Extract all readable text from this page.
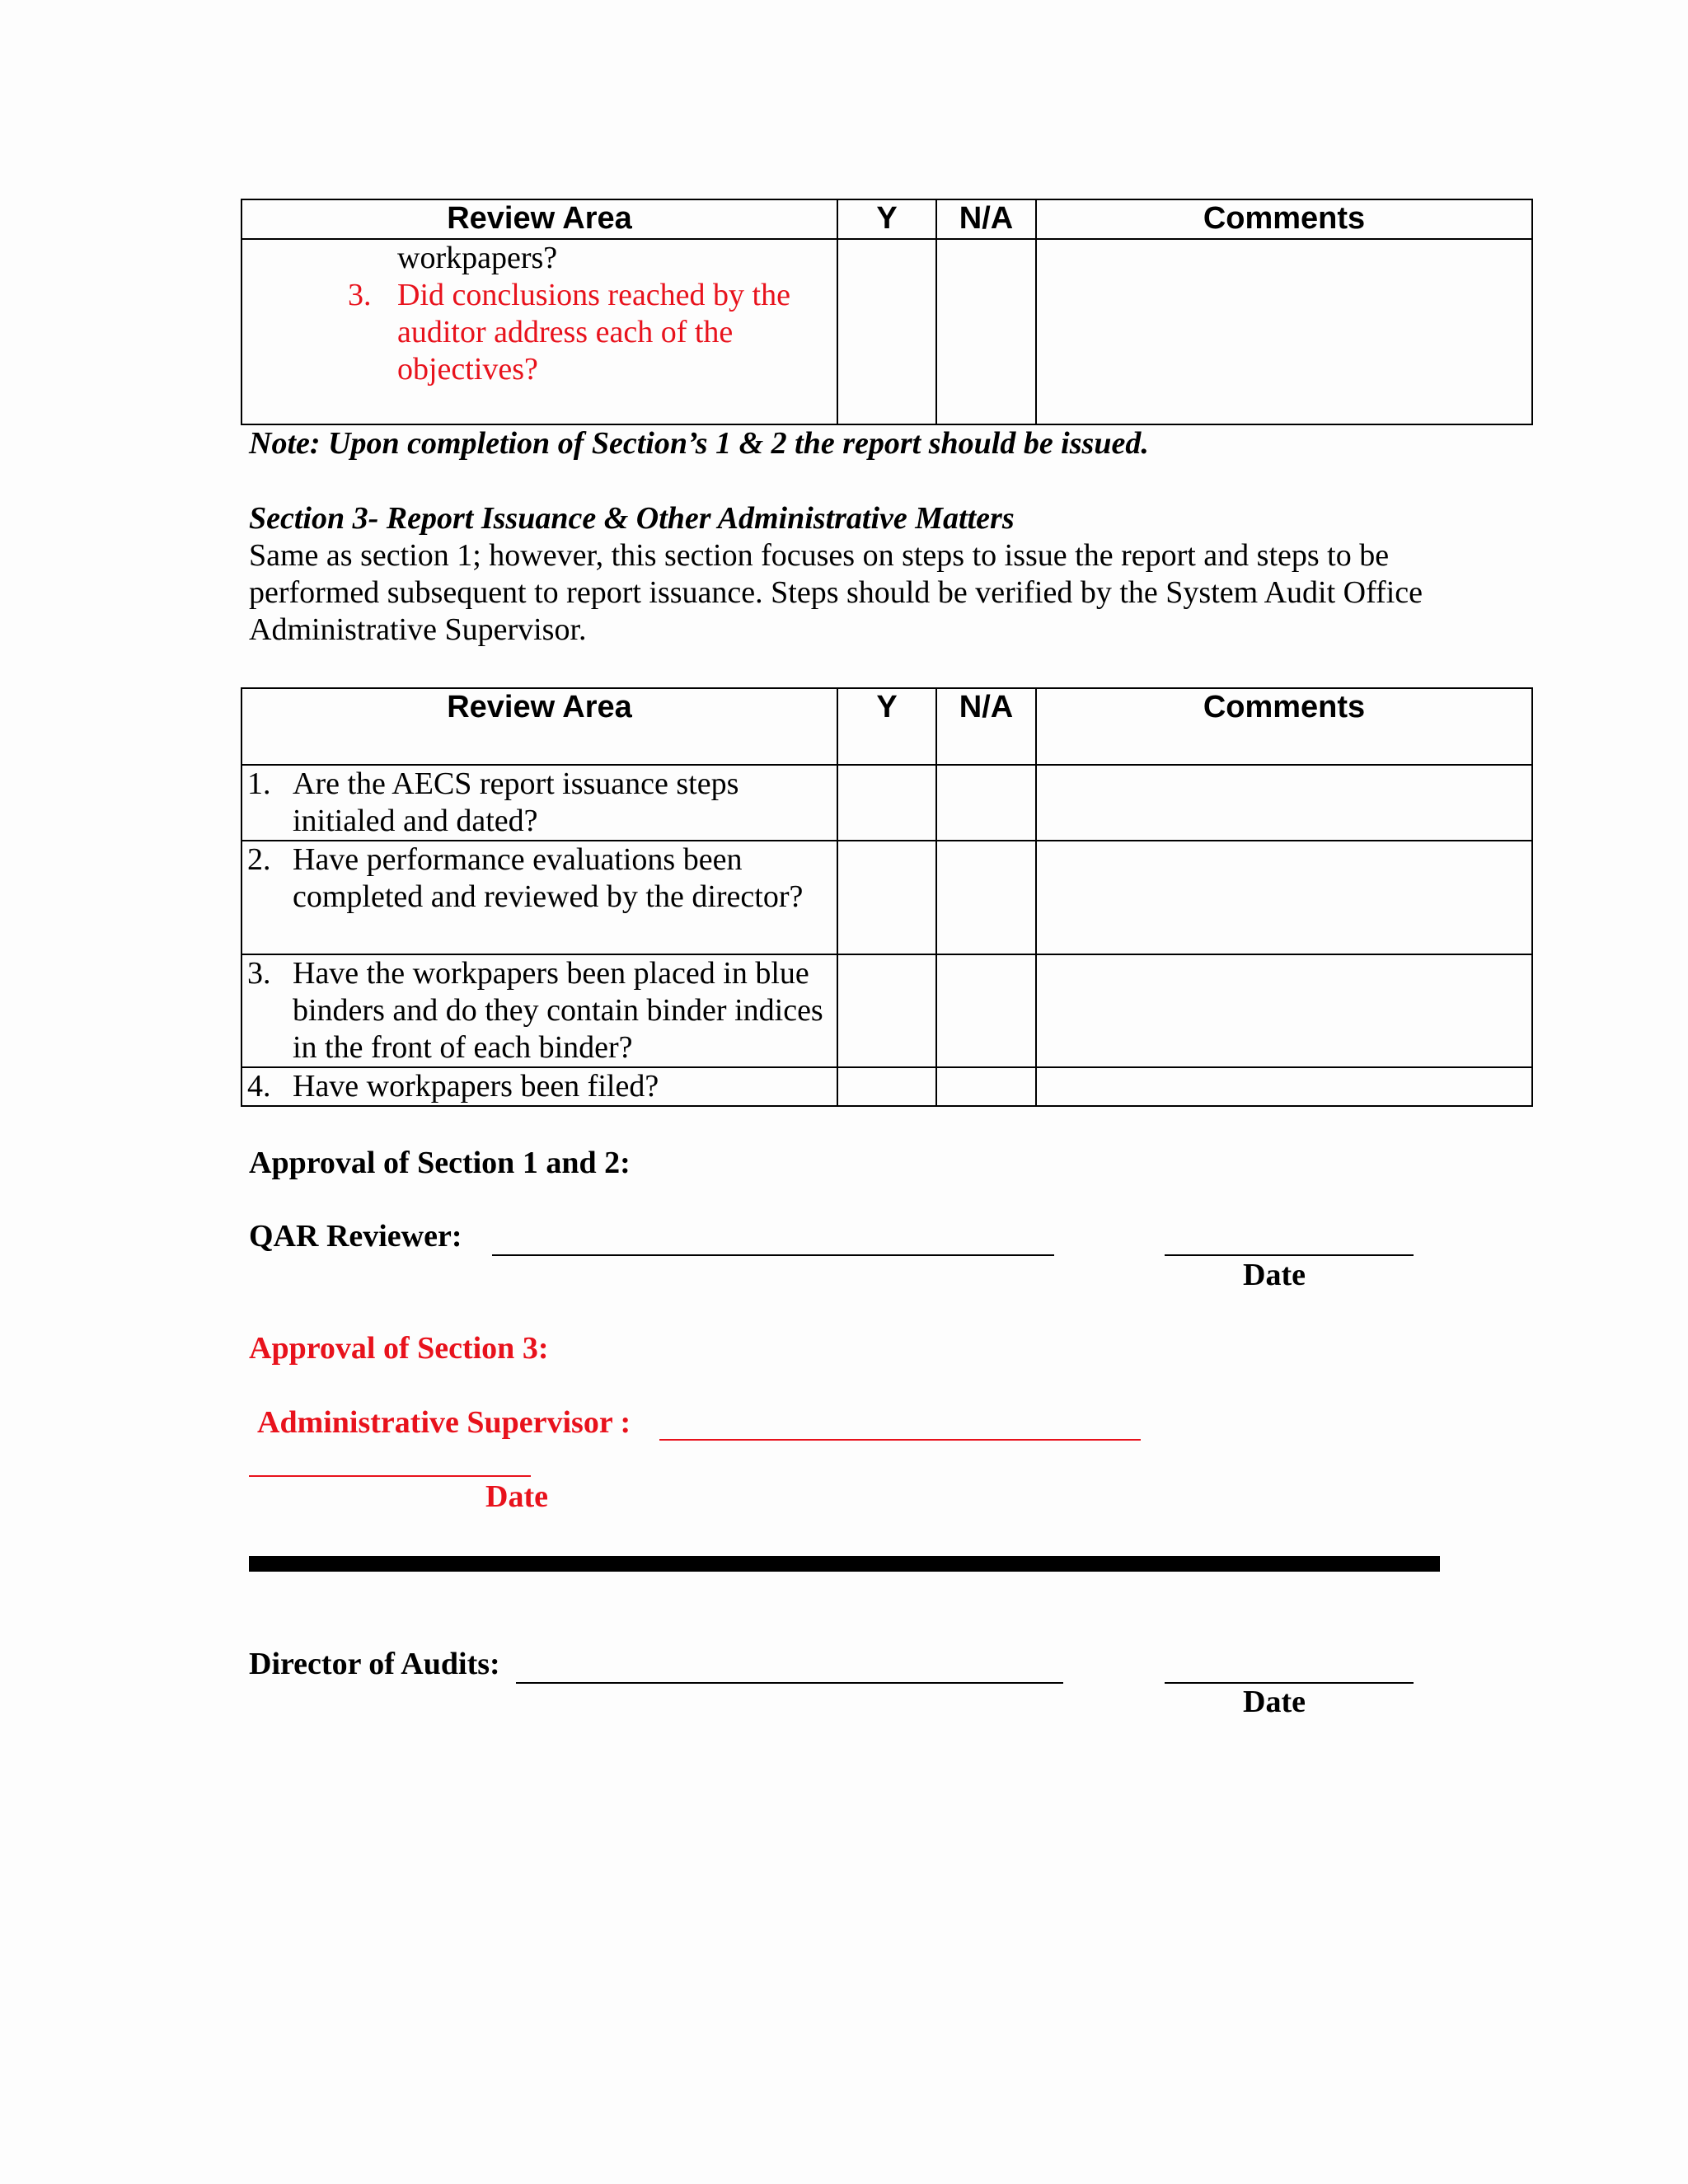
Review Area	Y	N/A	Comments

workpapers?
3. Did conclusions reached by the auditor address each of the objectives?			

Note: Upon completion of Section’s 1 & 2 the report should be issued.
Section 3- Report Issuance & Other Administrative Matters
Same as section 1; however, this section focuses on steps to issue the report and steps to be performed subsequent to report issuance. Steps should be verified by the System Audit Office Administrative Supervisor.
Review Area	Y	N/A	Comments

1. Are the AECS report issuance steps initialed and dated?			

2. Have performance evaluations been completed and reviewed by the director?			

3. Have the workpapers been placed in blue binders and do they contain binder indices in the front of each binder?			

4. Have workpapers been filed?			

Approval of Section 1 and 2:
QAR Reviewer:
Date
Approval of Section 3:
Administrative Supervisor :
Date
Director of Audits:
Date
